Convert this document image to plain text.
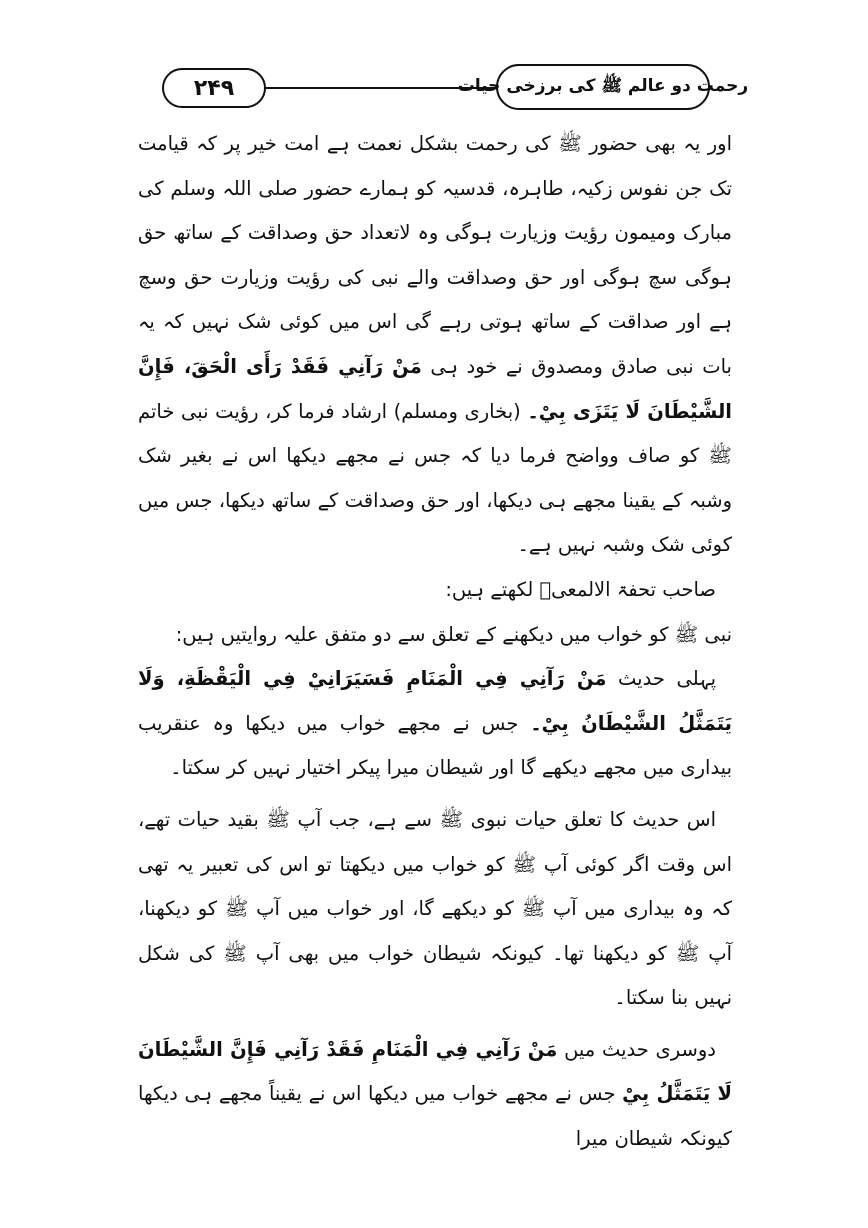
۲۴۹	رحمت دو عالم ﷺ کی برزخی حیات

اور یہ بھی حضور ﷺ کی رحمت بشکل نعمت ہے امت خیر پر کہ قیامت تک جن نفوس زکیہ، طاہرہ، قدسیہ کو ہمارے حضور صلی اللہ وسلم کی مبارک ومیمون رؤیت وزیارت ہوگی وہ لاتعداد حق وصداقت کے ساتھ حق ہوگی سچ ہوگی اور حق وصداقت والے نبی کی رؤیت وزیارت حق وسچ ہے اور صداقت کے ساتھ ہوتی رہے گی اس میں کوئی شک نہیں کہ یہ بات نبی صادق ومصدوق نے خود ہی مَنْ رَآنِي فَقَدْ رَأَى الْحَقَ، فَإِنَّ الشَّيْطَانَ لَا يَتَزَى بِيْ۔ (بخاری ومسلم) ارشاد فرما کر، رؤیت نبی خاتم ﷺ کو صاف وواضح فرما دیا کہ جس نے مجھے دیکھا اس نے بغیر شک وشبہ کے یقینا مجھے ہی دیکھا، اور حق وصداقت کے ساتھ دیکھا، جس میں کوئی شک وشبہ نہیں ہے۔

صاحب تحفۃ الالمعیؒ لکھتے ہیں:

نبی ﷺ کو خواب میں دیکھنے کے تعلق سے دو متفق علیہ روایتیں ہیں:

پہلی حدیث مَنْ رَآنِي فِي الْمَنَامِ فَسَيَرَانِيْ فِي الْيَقْظَةِ، وَلَا يَتَمَثَّلُ الشَّيْطَانُ بِيْ۔ جس نے مجھے خواب میں دیکھا وہ عنقریب بیداری میں مجھے دیکھے گا اور شیطان میرا پیکر اختیار نہیں کر سکتا۔

اس حدیث کا تعلق حیات نبوی ﷺ سے ہے، جب آپ ﷺ بقید حیات تھے، اس وقت اگر کوئی آپ ﷺ کو خواب میں دیکھتا تو اس کی تعبیر یہ تھی کہ وہ بیداری میں آپ ﷺ کو دیکھے گا، اور خواب میں آپ ﷺ کو دیکھنا، آپ ﷺ کو دیکھنا تھا۔ کیونکہ شیطان خواب میں بھی آپ ﷺ کی شکل نہیں بنا سکتا۔

دوسری حدیث میں مَنْ رَآنِي فِي الْمَنَامِ فَقَدْ رَآنِي فَإِنَّ الشَّيْطَانَ لَا يَتَمَثَّلُ بِيْ جس نے مجھے خواب میں دیکھا اس نے یقیناً مجھے ہی دیکھا کیونکہ شیطان میرا
